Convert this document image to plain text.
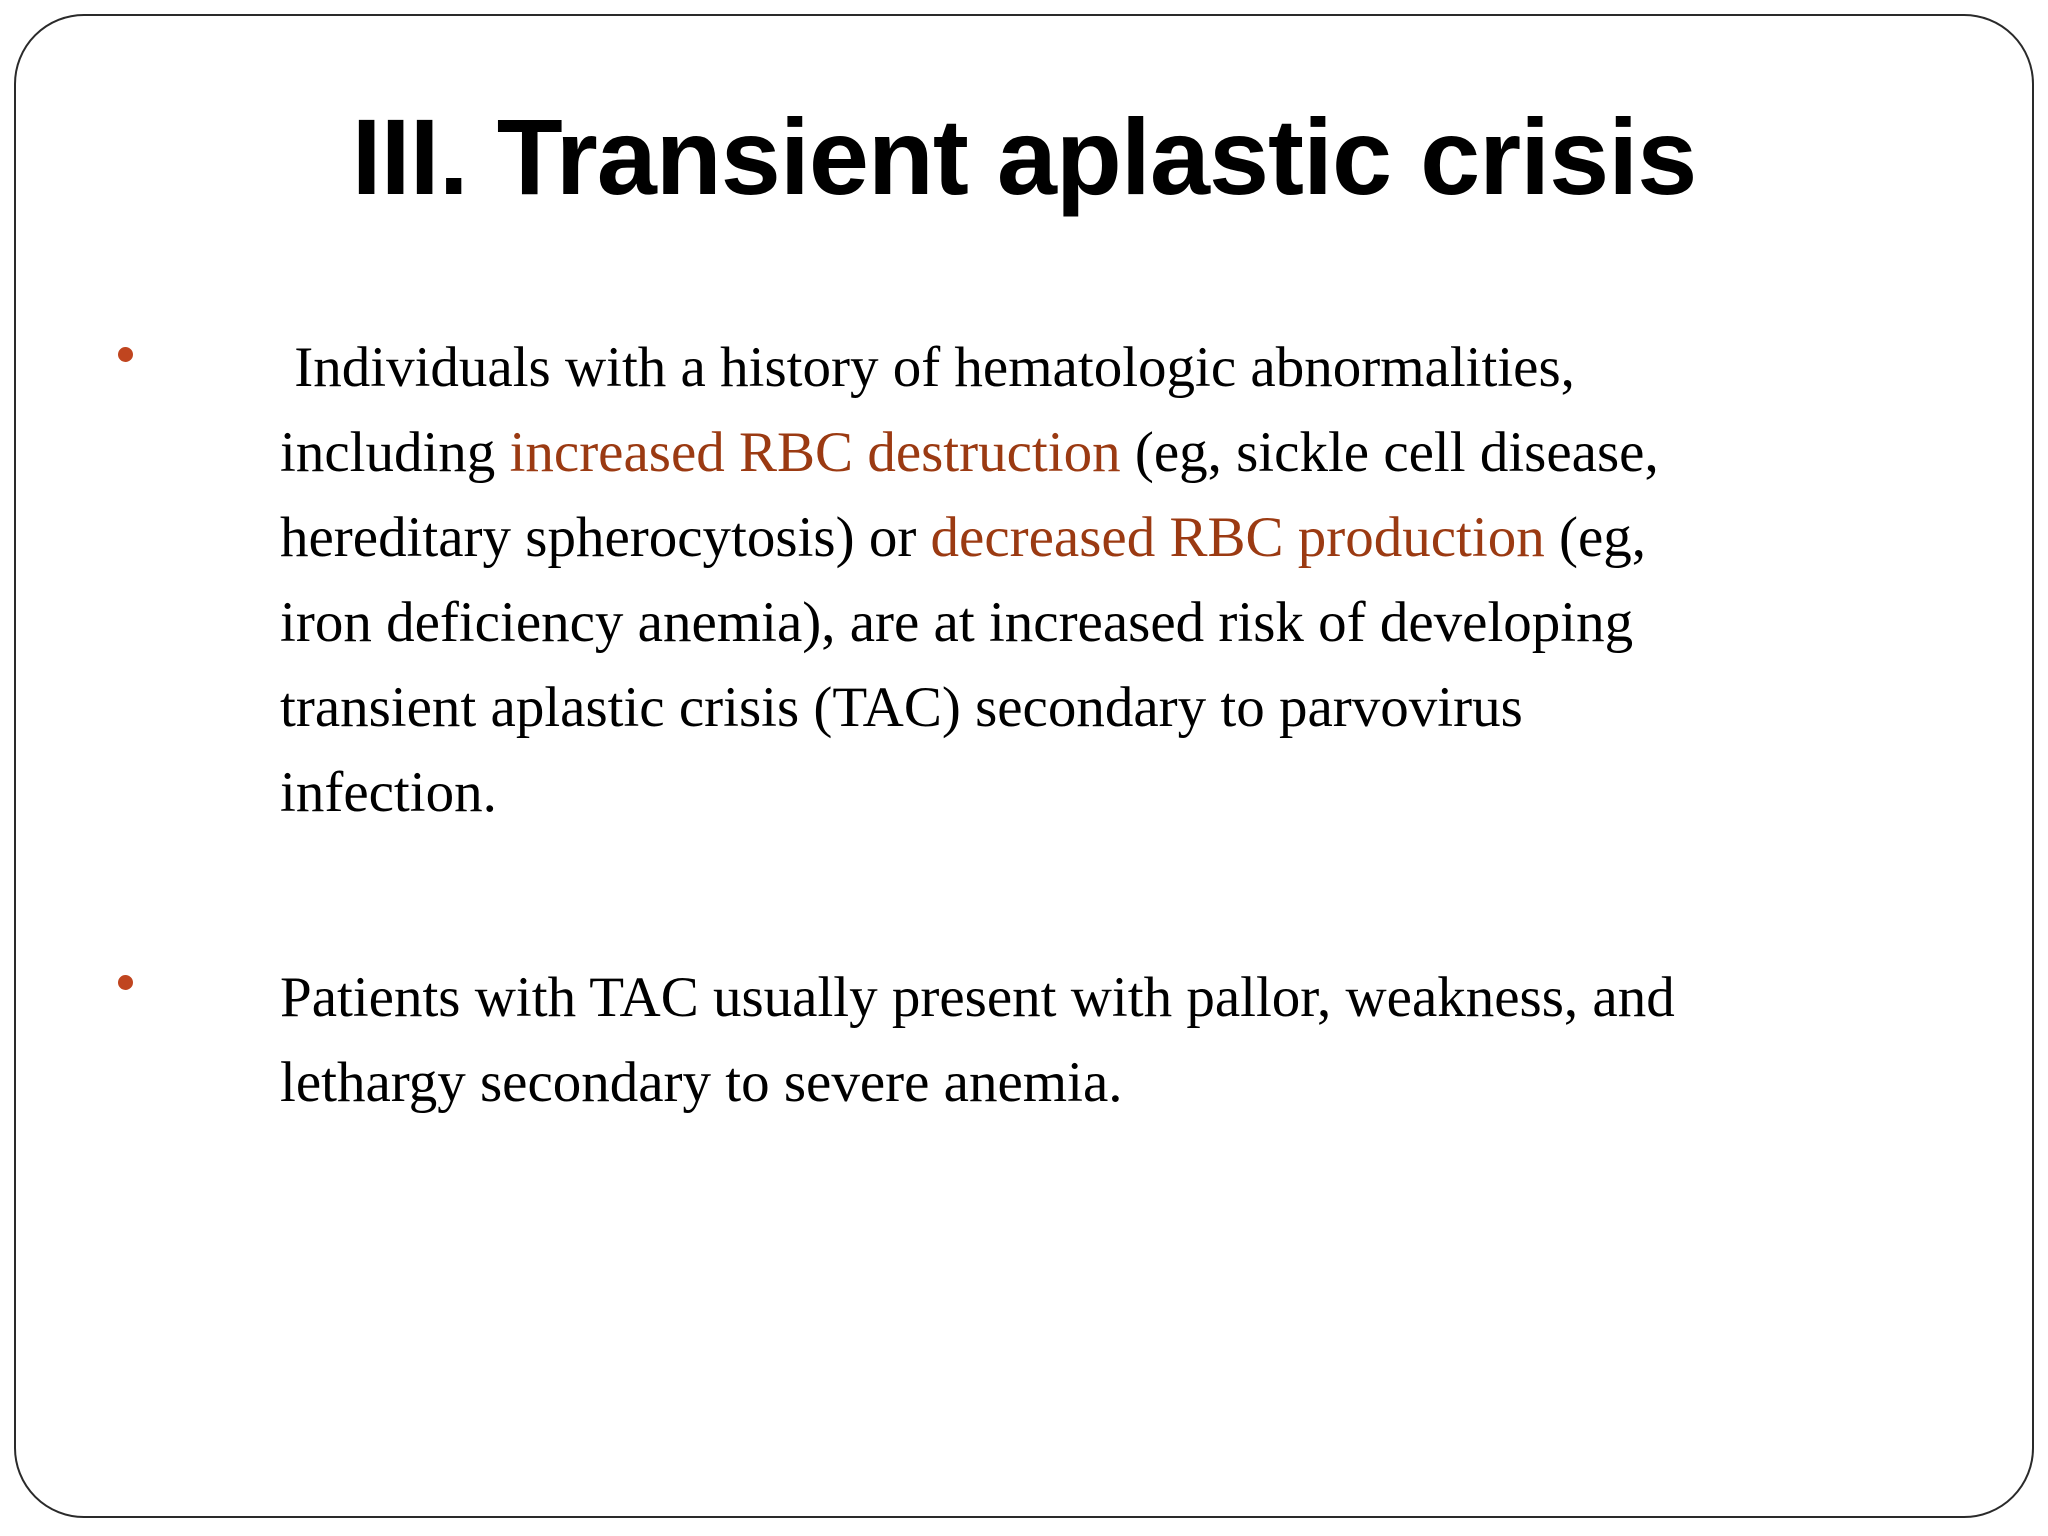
III. Transient aplastic crisis
Individuals with a history of hematologic abnormalities,
including increased RBC destruction (eg, sickle cell disease,
hereditary spherocytosis) or decreased RBC production (eg,
iron deficiency anemia), are at increased risk of developing
transient aplastic crisis (TAC) secondary to parvovirus
infection.
Patients with TAC usually present with pallor, weakness, and
lethargy secondary to severe anemia.
